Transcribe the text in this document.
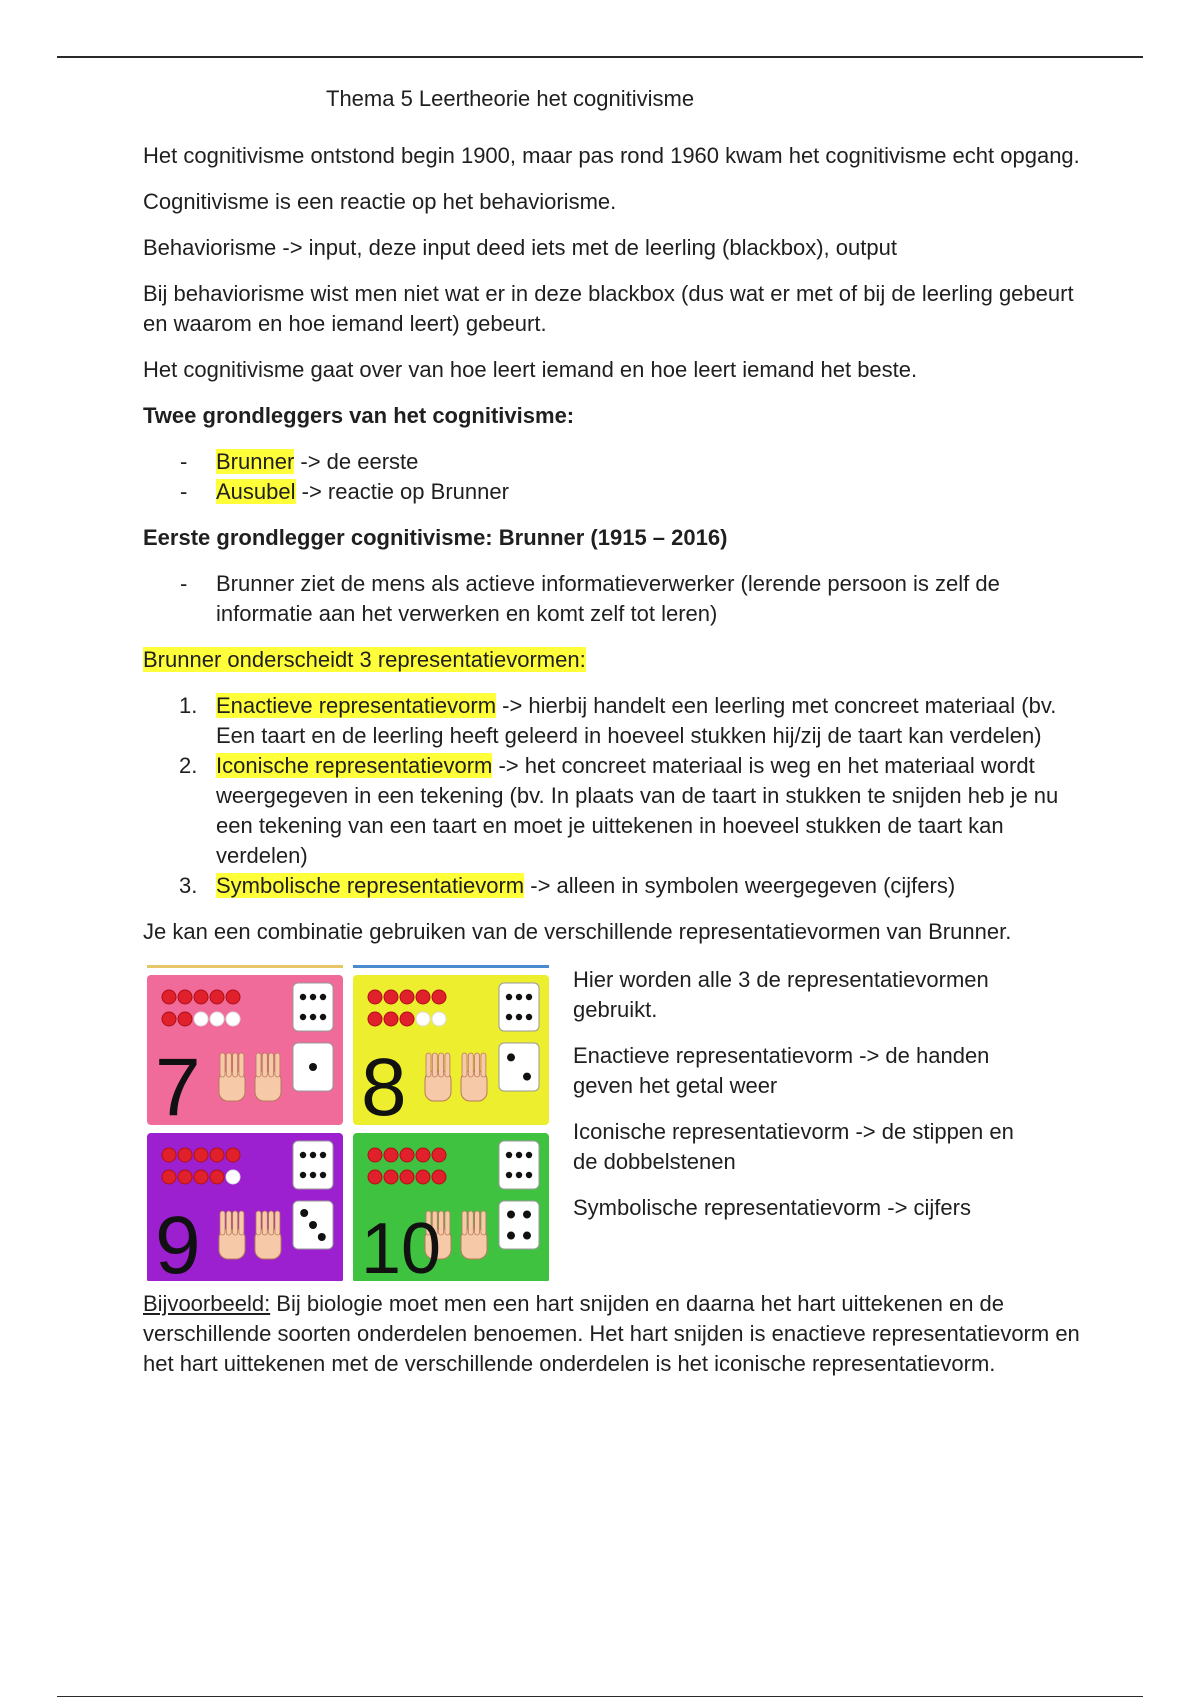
Thema 5 Leertheorie het cognitivisme

Het cognitivisme ontstond begin 1900, maar pas rond 1960 kwam het cognitivisme echt opgang.

Cognitivisme is een reactie op het behaviorisme.

Behaviorisme -> input, deze input deed iets met de leerling (blackbox), output

Bij behaviorisme wist men niet wat er in deze blackbox (dus wat er met of bij de leerling gebeurt en waarom en hoe iemand leert) gebeurt.

Het cognitivisme gaat over van hoe leert iemand en hoe leert iemand het beste.

Twee grondleggers van het cognitivisme:

- Brunner -> de eerste
- Ausubel -> reactie op Brunner

Eerste grondlegger cognitivisme: Brunner (1915 – 2016)

- Brunner ziet de mens als actieve informatieverwerker (lerende persoon is zelf de informatie aan het verwerken en komt zelf tot leren)

Brunner onderscheidt 3 representatievormen:

1. Enactieve representatievorm -> hierbij handelt een leerling met concreet materiaal (bv. Een taart en de leerling heeft geleerd in hoeveel stukken hij/zij de taart kan verdelen)
2. Iconische representatievorm -> het concreet materiaal is weg en het materiaal wordt weergegeven in een tekening (bv. In plaats van de taart in stukken te snijden heb je nu een tekening van een taart en moet je uittekenen in hoeveel stukken de taart kan verdelen)
3. Symbolische representatievorm -> alleen in symbolen weergegeven (cijfers)

Je kan een combinatie gebruiken van de verschillende representatievormen van Brunner.

7 8
9 10

Hier worden alle 3 de representatievormen gebruikt.

Enactieve representatievorm -> de handen geven het getal weer

Iconische representatievorm -> de stippen en de dobbelstenen

Symbolische representatievorm -> cijfers

Bijvoorbeeld: Bij biologie moet men een hart snijden en daarna het hart uittekenen en de verschillende soorten onderdelen benoemen. Het hart snijden is enactieve representatievorm en het hart uittekenen met de verschillende onderdelen is het iconische representatievorm.
